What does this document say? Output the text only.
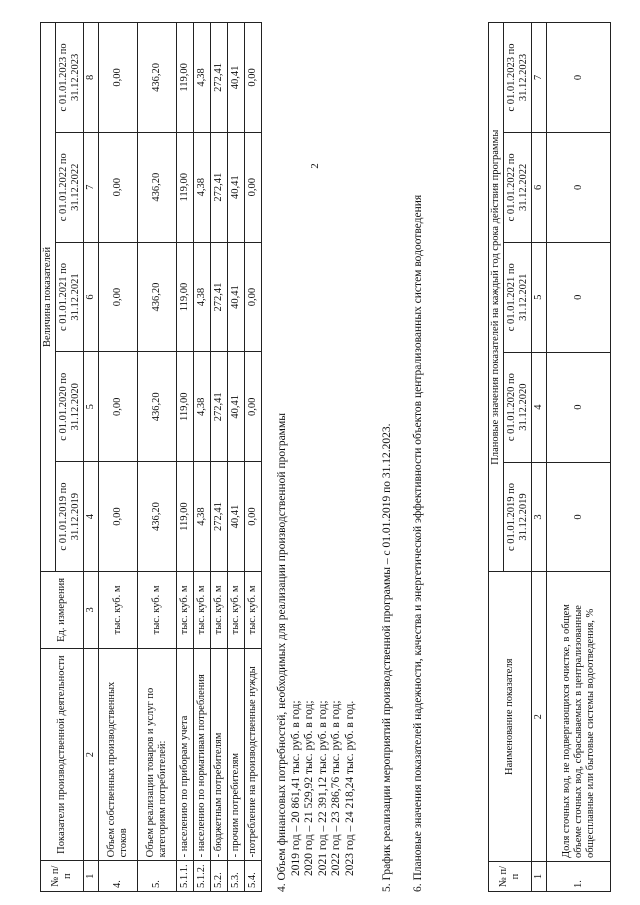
2
№ п/п	Показатели производственной деятельности	Ед. измерения	Величина показателей				
			с 01.01.2019 по 31.12.2019	с 01.01.2020 по 31.12.2020	с 01.01.2021 по 31.12.2021	с 01.01.2022 по 31.12.2022	с 01.01.2023 по 31.12.2023
1	2	3	4	5	6	7	8
4.	Объем собственных производственных стоков	тыс. куб. м	0,00	0,00	0,00	0,00	0,00
5.	Объем реализации товаров и услуг по категориям потребителей:	тыс. куб. м	436,20	436,20	436,20	436,20	436,20
5.1.1.	- населению по приборам учета	тыс. куб. м	119,00	119,00	119,00	119,00	119,00
5.1.2.	- населению по нормативам потребления	тыс. куб. м	4,38	4,38	4,38	4,38	4,38
5.2.	- бюджетным потребителям	тыс. куб. м	272,41	272,41	272,41	272,41	272,41
5.3.	- прочим потребителям	тыс. куб. м	40,41	40,41	40,41	40,41	40,41
5.4.	-потребление на производственные нужды	тыс. куб. м	0,00	0,00	0,00	0,00	0,00
4. Объем финансовых потребностей, необходимых для реализации производственной программы 2019 год – 20 861,41 тыс. руб. в год; 2020 год – 21 529,92 тыс. руб. в год; 2021 год – 22 391,12 тыс. руб. в год; 2022 год – 23 286,76 тыс. руб. в год; 2023 год – 24 218,24 тыс. руб. в год. 5. График реализации мероприятий производственной программы – с 01.01.2019 по 31.12.2023. 6. Плановые значения показателей надежности, качества и энергетической эффективности объектов централизованных систем водоотведения	№ п/п	Наименование показателя	Плановые значения показателей на каждый год срока действия программы				
		с 01.01.2019 по 31.12.2019	с 01.01.2020 по 31.12.2020	с 01.01.2021 по 31.12.2021	с 01.01.2022 по 31.12.2022	с 01.01.2023 по 31.12.2023
1	2	3	4	5	6	7
1.	Доля сточных вод, не подвергающихся очистке, в общем объеме сточных вод, сбрасываемых в централизованные общесплавные или бытовые системы водоотведения, %	0	0	0	0	0
